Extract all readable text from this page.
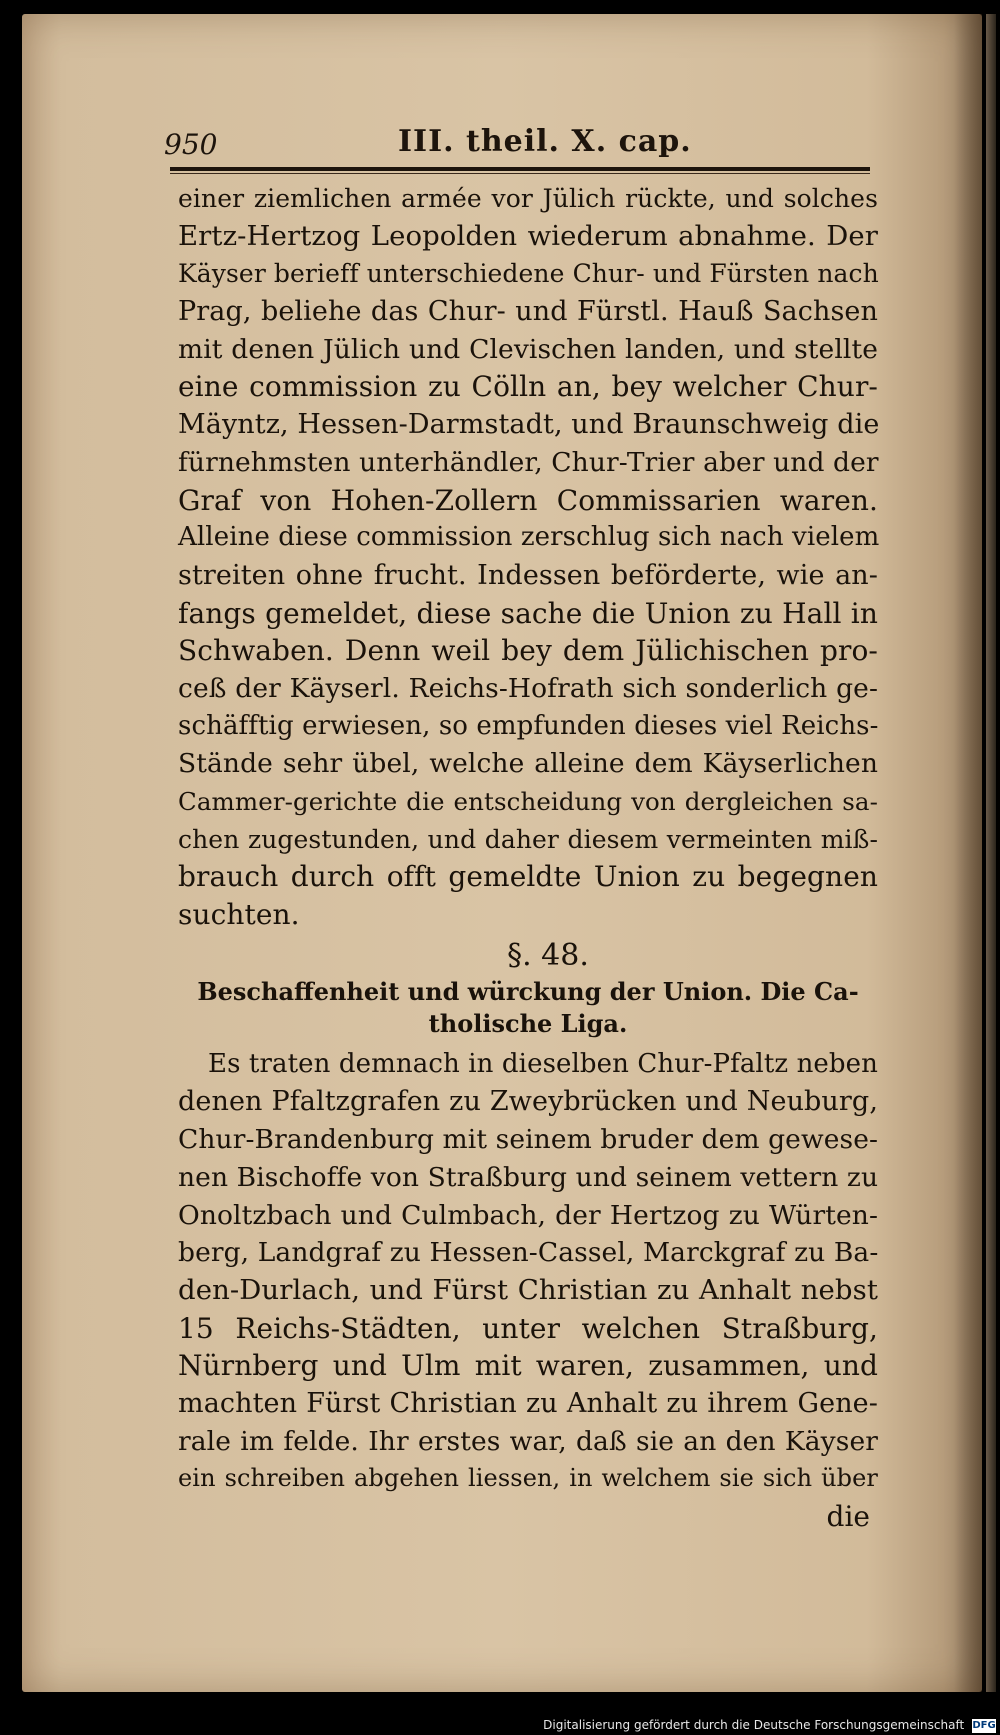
950	III. theil. X. cap.
einer ziemlichen armée vor Jülich rückte, und solches
Ertz-Hertzog Leopolden wiederum abnahme. Der
Käyser berieff unterschiedene Chur- und Fürsten nach
Prag, beliehe das Chur- und Fürstl. Hauß Sachsen
mit denen Jülich und Clevischen landen, und stellte
eine commission zu Cölln an, bey welcher Chur-
Mäyntz, Hessen-Darmstadt, und Braunschweig die
fürnehmsten unterhändler, Chur-Trier aber und der
Graf von Hohen-Zollern Commissarien waren.
Alleine diese commission zerschlug sich nach vielem
streiten ohne frucht. Indessen beförderte, wie an-
fangs gemeldet, diese sache die Union zu Hall in
Schwaben. Denn weil bey dem Jülichischen pro-
ceß der Käyserl. Reichs-Hofrath sich sonderlich ge-
schäfftig erwiesen, so empfunden dieses viel Reichs-
Stände sehr übel, welche alleine dem Käyserlichen
Cammer-gerichte die entscheidung von dergleichen sa-
chen zugestunden, und daher diesem vermeinten miß-
brauch durch offt gemeldte Union zu begegnen
suchten.
§. 48.
Beschaffenheit und würckung der Union. Die Ca-
tholische Liga.
Es traten demnach in dieselben Chur-Pfaltz neben
denen Pfaltzgrafen zu Zweybrücken und Neuburg,
Chur-Brandenburg mit seinem bruder dem gewese-
nen Bischoffe von Straßburg und seinem vettern zu
Onoltzbach und Culmbach, der Hertzog zu Würten-
berg, Landgraf zu Hessen-Cassel, Marckgraf zu Ba-
den-Durlach, und Fürst Christian zu Anhalt nebst
15 Reichs-Städten, unter welchen Straßburg,
Nürnberg und Ulm mit waren, zusammen, und
machten Fürst Christian zu Anhalt zu ihrem Gene-
rale im felde. Ihr erstes war, daß sie an den Käyser
ein schreiben abgehen liessen, in welchem sie sich über
die
Digitalisierung gefördert durch die Deutsche Forschungsgemeinschaft DFG
